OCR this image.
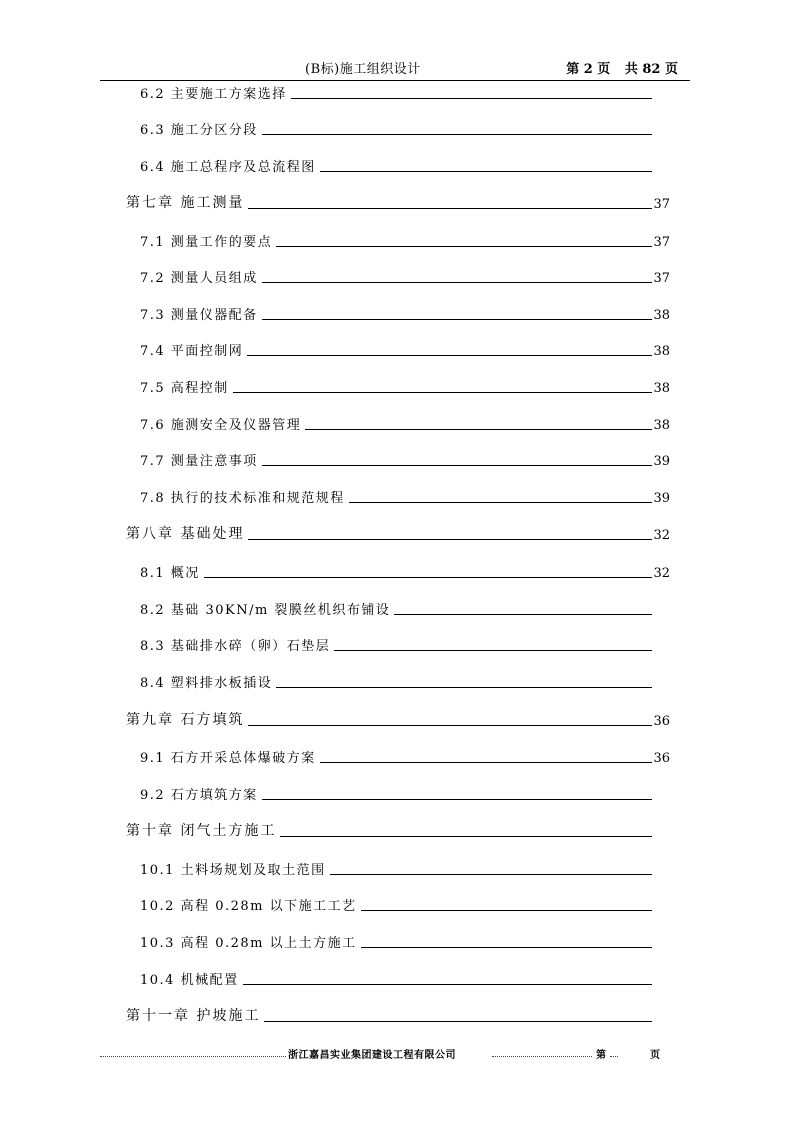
(B标)施工组织设计	第 2 页 共 82 页
6.2 主要施工方案选择
6.3 施工分区分段
6.4 施工总程序及总流程图
第七章 施工测量	37
7.1 测量工作的要点	37
7.2 测量人员组成	37
7.3 测量仪器配备	38
7.4 平面控制网	38
7.5 高程控制	38
7.6 施测安全及仪器管理	38
7.7 测量注意事项	39
7.8 执行的技术标准和规范规程	39
第八章 基础处理	32
8.1 概况	32
8.2 基础 30KN/m 裂膜丝机织布铺设
8.3 基础排水碎（卵）石垫层
8.4 塑料排水板插设
第九章 石方填筑	36
9.1 石方开采总体爆破方案	36
9.2 石方填筑方案
第十章 闭气土方施工
10.1 土料场规划及取土范围
10.2 高程 0.28m 以下施工工艺
10.3 高程 0.28m 以上土方施工
10.4 机械配置
第十一章 护坡施工
浙江嘉昌实业集团建设工程有限公司	第	页
